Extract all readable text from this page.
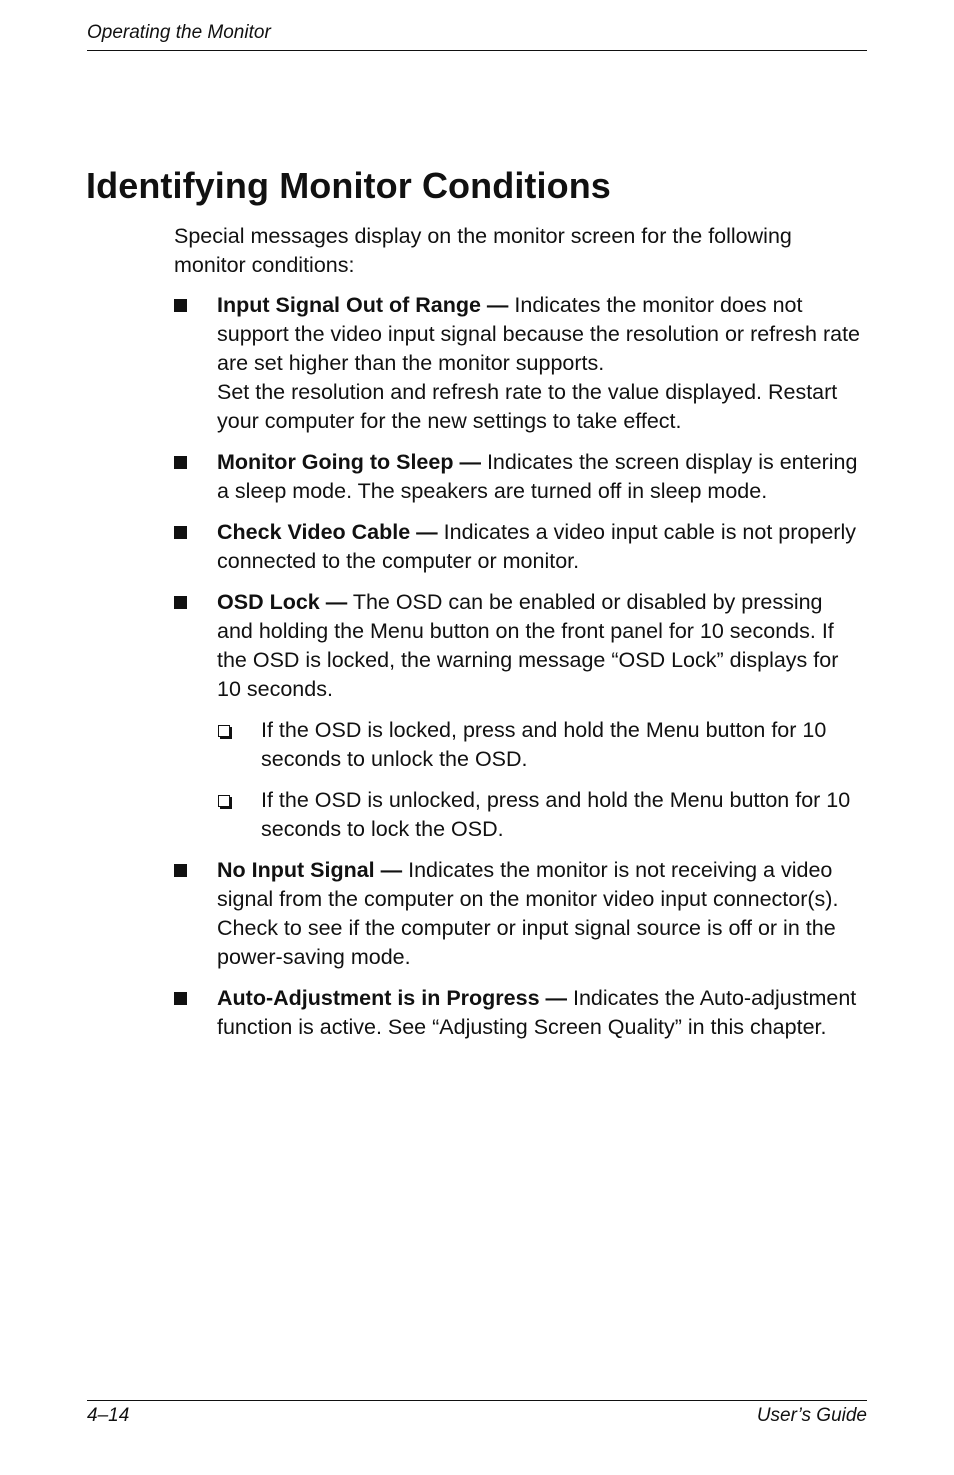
Operating the Monitor
Identifying Monitor Conditions

Special messages display on the monitor screen for the following monitor conditions:

Input Signal Out of Range — Indicates the monitor does not support the video input signal because the resolution or refresh rate are set higher than the monitor supports.
Set the resolution and refresh rate to the value displayed. Restart your computer for the new settings to take effect.
Monitor Going to Sleep — Indicates the screen display is entering a sleep mode. The speakers are turned off in sleep mode.
Check Video Cable — Indicates a video input cable is not properly connected to the computer or monitor.
OSD Lock — The OSD can be enabled or disabled by pressing and holding the Menu button on the front panel for 10 seconds. If the OSD is locked, the warning message “OSD Lock” displays for 10 seconds.
If the OSD is locked, press and hold the Menu button for 10 seconds to unlock the OSD.
If the OSD is unlocked, press and hold the Menu button for 10 seconds to lock the OSD.
No Input Signal — Indicates the monitor is not receiving a video signal from the computer on the monitor video input connector(s). Check to see if the computer or input signal source is off or in the power-saving mode.
Auto-Adjustment is in Progress — Indicates the Auto-adjustment function is active. See “Adjusting Screen Quality” in this chapter.
4–14	User’s Guide
